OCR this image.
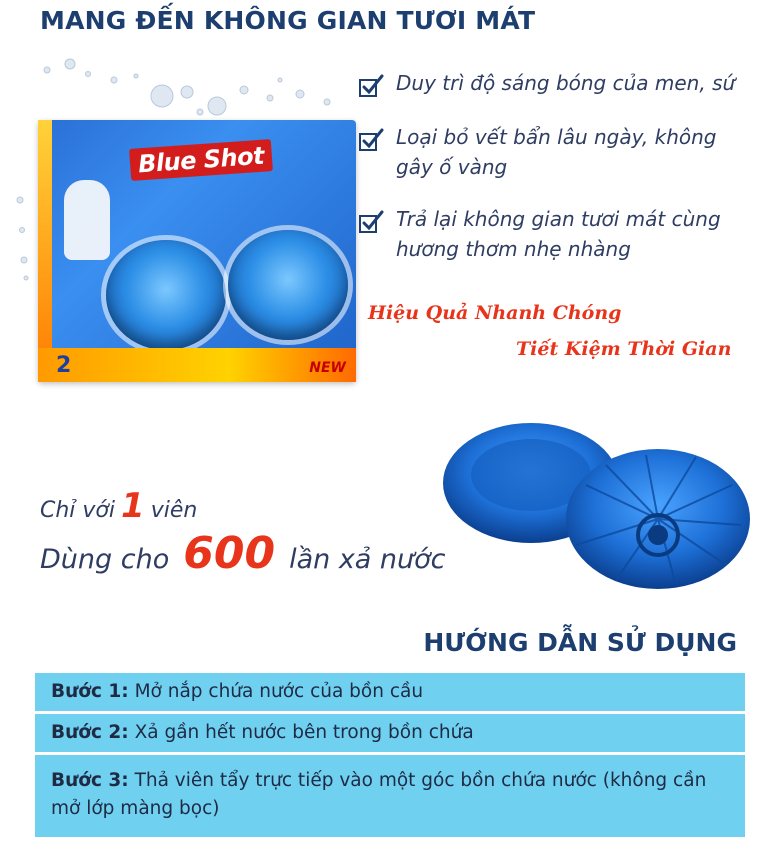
MANG ĐẾN KHÔNG GIAN TƯƠI MÁT
Blue Shot
2	NEW
Duy trì độ sáng bóng của men, sứ
Loại bỏ vết bẩn lâu ngày, không gây ố vàng
Trả lại không gian tươi mát cùng hương thơm nhẹ nhàng
Hiệu Quả Nhanh Chóng
Tiết Kiệm Thời Gian
Chỉ với 1 viên
Dùng cho 600 lần xả nước
HƯỚNG DẪN SỬ DỤNG
Bước 1: Mở nắp chứa nước của bồn cầu
Bước 2: Xả gần hết nước bên trong bồn chứa
Bước 3: Thả viên tẩy trực tiếp vào một góc bồn chứa nước (không cần mở lớp màng bọc)
